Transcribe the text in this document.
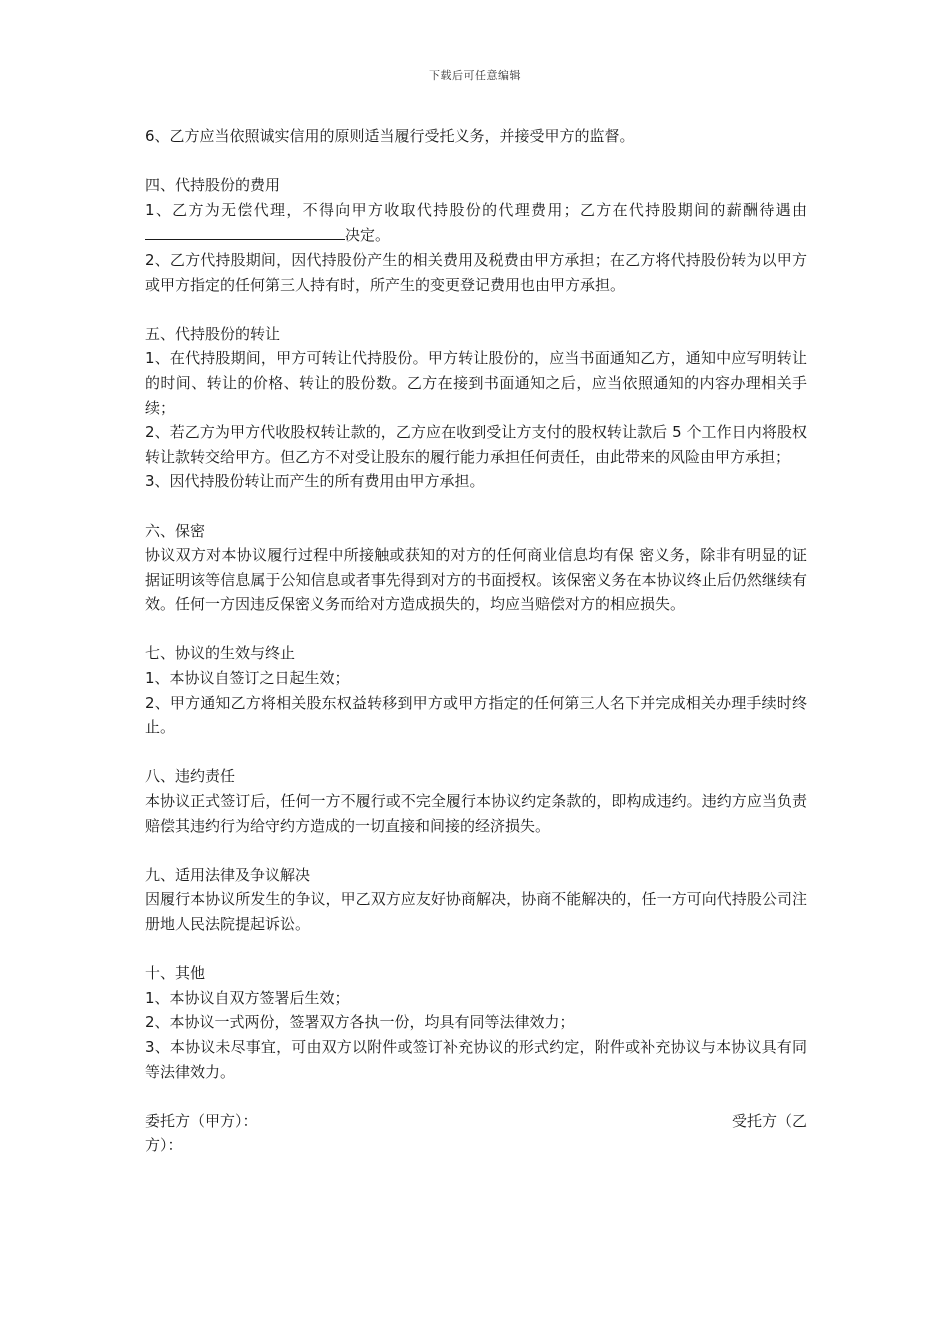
下载后可任意编辑
6、乙方应当依照诚实信用的原则适当履行受托义务，并接受甲方的监督。
四、代持股份的费用
1、乙方为无偿代理，不得向甲方收取代持股份的代理费用；乙方在代持股期间的薪酬待遇由决定。
2、乙方代持股期间，因代持股份产生的相关费用及税费由甲方承担；在乙方将代持股份转为以甲方或甲方指定的任何第三人持有时，所产生的变更登记费用也由甲方承担。
五、代持股份的转让
1、在代持股期间，甲方可转让代持股份。甲方转让股份的，应当书面通知乙方，通知中应写明转让的时间、转让的价格、转让的股份数。乙方在接到书面通知之后，应当依照通知的内容办理相关手续；
2、若乙方为甲方代收股权转让款的，乙方应在收到受让方支付的股权转让款后 5 个工作日内将股权转让款转交给甲方。但乙方不对受让股东的履行能力承担任何责任，由此带来的风险由甲方承担；
3、因代持股份转让而产生的所有费用由甲方承担。
六、保密
协议双方对本协议履行过程中所接触或获知的对方的任何商业信息均有保 密义务，除非有明显的证据证明该等信息属于公知信息或者事先得到对方的书面授权。该保密义务在本协议终止后仍然继续有效。任何一方因违反保密义务而给对方造成损失的，均应当赔偿对方的相应损失。
七、协议的生效与终止
1、本协议自签订之日起生效；
2、甲方通知乙方将相关股东权益转移到甲方或甲方指定的任何第三人名下并完成相关办理手续时终止。
八、违约责任
本协议正式签订后，任何一方不履行或不完全履行本协议约定条款的，即构成违约。违约方应当负责赔偿其违约行为给守约方造成的一切直接和间接的经济损失。
九、适用法律及争议解决
因履行本协议所发生的争议，甲乙双方应友好协商解决，协商不能解决的，任一方可向代持股公司注册地人民法院提起诉讼。
十、其他
1、本协议自双方签署后生效；
2、本协议一式两份，签署双方各执一份，均具有同等法律效力；
3、本协议未尽事宜，可由双方以附件或签订补充协议的形式约定，附件或补充协议与本协议具有同等法律效力。
委托方（甲方）：	受托方（乙
方）：
